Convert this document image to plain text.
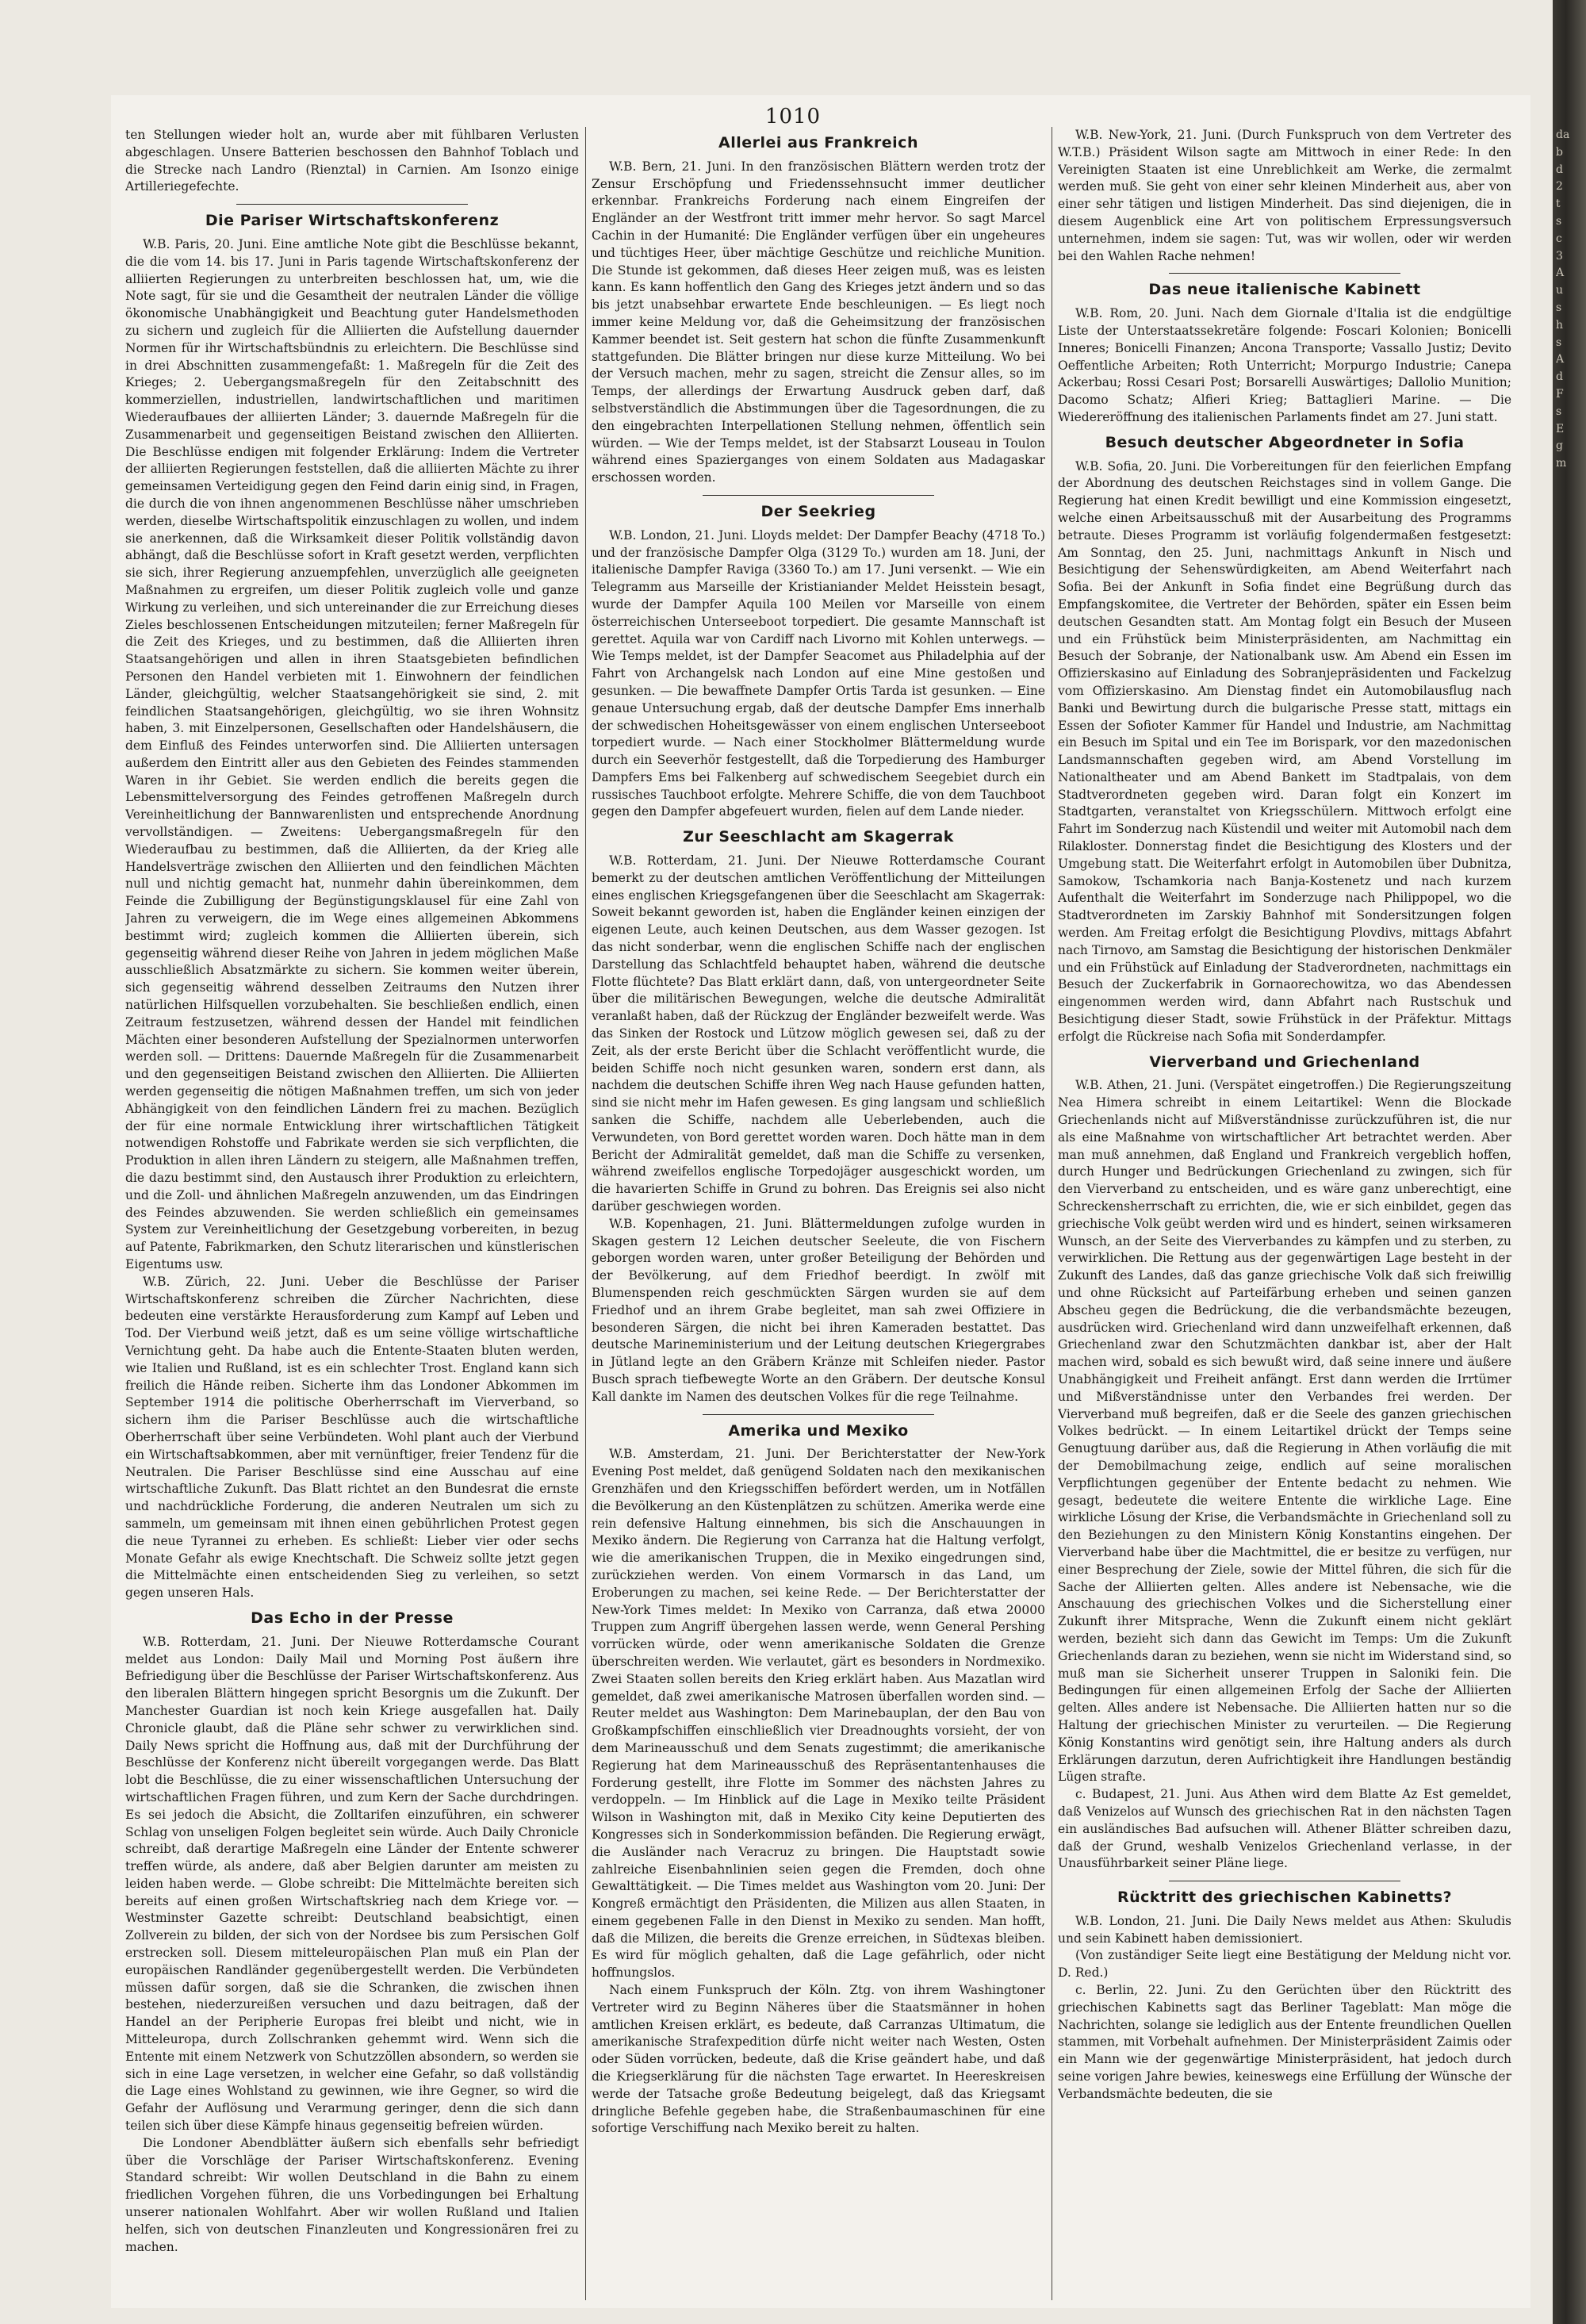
1010

ten Stellungen wieder holt an, wurde aber mit fühlbaren Verlusten abgeschlagen. Unsere Batterien beschossen den Bahnhof Toblach und die Strecke nach Landro (Rienztal) in Carnien. Am Isonzo einige Artilleriegefechte.

Die Pariser Wirtschaftskonferenz

W.B. Paris, 20. Juni. Eine amtliche Note gibt die Beschlüsse bekannt, die die vom 14. bis 17. Juni in Paris tagende Wirtschaftskonferenz der alliierten Regierungen zu unterbreiten beschlossen hat, um, wie die Note sagt, für sie und die Gesamtheit der neutralen Länder die völlige ökonomische Unabhängigkeit und Beachtung guter Handelsmethoden zu sichern und zugleich für die Alliierten die Aufstellung dauernder Normen für ihr Wirtschaftsbündnis zu erleichtern. Die Beschlüsse sind in drei Abschnitten zusammengefaßt: 1. Maßregeln für die Zeit des Krieges; 2. Uebergangsmaßregeln für den Zeitabschnitt des kommerziellen, industriellen, landwirtschaftlichen und maritimen Wiederaufbaues der alliierten Länder; 3. dauernde Maßregeln für die Zusammenarbeit und gegenseitigen Beistand zwischen den Alliierten. Die Beschlüsse endigen mit folgender Erklärung: Indem die Vertreter der alliierten Regierungen feststellen, daß die alliierten Mächte zu ihrer gemeinsamen Verteidigung gegen den Feind darin einig sind, in Fragen, die durch die von ihnen angenommenen Beschlüsse näher umschrieben werden, dieselbe Wirtschaftspolitik einzuschlagen zu wollen, und indem sie anerkennen, daß die Wirksamkeit dieser Politik vollständig davon abhängt, daß die Beschlüsse sofort in Kraft gesetzt werden, verpflichten sie sich, ihrer Regierung anzuempfehlen, unverzüglich alle geeigneten Maßnahmen zu ergreifen, um dieser Politik zugleich volle und ganze Wirkung zu verleihen, und sich untereinander die zur Erreichung dieses Zieles beschlossenen Entscheidungen mitzuteilen; ferner Maßregeln für die Zeit des Krieges, und zu bestimmen, daß die Alliierten ihren Staatsangehörigen und allen in ihren Staatsgebieten befindlichen Personen den Handel verbieten mit 1. Einwohnern der feindlichen Länder, gleichgültig, welcher Staatsangehörigkeit sie sind, 2. mit feindlichen Staatsangehörigen, gleichgültig, wo sie ihren Wohnsitz haben, 3. mit Einzelpersonen, Gesellschaften oder Handelshäusern, die dem Einfluß des Feindes unterworfen sind. Die Alliierten untersagen außerdem den Eintritt aller aus den Gebieten des Feindes stammenden Waren in ihr Gebiet. Sie werden endlich die bereits gegen die Lebensmittelversorgung des Feindes getroffenen Maßregeln durch Vereinheitlichung der Bannwarenlisten und entsprechende Anordnung vervollständigen. — Zweitens: Uebergangsmaßregeln für den Wiederaufbau zu bestimmen, daß die Alliierten, da der Krieg alle Handelsverträge zwischen den Alliierten und den feindlichen Mächten null und nichtig gemacht hat, nunmehr dahin übereinkommen, dem Feinde die Zubilligung der Begünstigungsklausel für eine Zahl von Jahren zu verweigern, die im Wege eines allgemeinen Abkommens bestimmt wird; zugleich kommen die Alliierten überein, sich gegenseitig während dieser Reihe von Jahren in jedem möglichen Maße ausschließlich Absatzmärkte zu sichern. Sie kommen weiter überein, sich gegenseitig während desselben Zeitraums den Nutzen ihrer natürlichen Hilfsquellen vorzubehalten. Sie beschließen endlich, einen Zeitraum festzusetzen, während dessen der Handel mit feindlichen Mächten einer besonderen Aufstellung der Spezialnormen unterworfen werden soll. — Drittens: Dauernde Maßregeln für die Zusammenarbeit und den gegenseitigen Beistand zwischen den Alliierten. Die Alliierten werden gegenseitig die nötigen Maßnahmen treffen, um sich von jeder Abhängigkeit von den feindlichen Ländern frei zu machen. Bezüglich der für eine normale Entwicklung ihrer wirtschaftlichen Tätigkeit notwendigen Rohstoffe und Fabrikate werden sie sich verpflichten, die Produktion in allen ihren Ländern zu steigern, alle Maßnahmen treffen, die dazu bestimmt sind, den Austausch ihrer Produktion zu erleichtern, und die Zoll- und ähnlichen Maßregeln anzuwenden, um das Eindringen des Feindes abzuwenden. Sie werden schließlich ein gemeinsames System zur Vereinheitlichung der Gesetzgebung vorbereiten, in bezug auf Patente, Fabrikmarken, den Schutz literarischen und künstlerischen Eigentums usw.

W.B. Zürich, 22. Juni. Ueber die Beschlüsse der Pariser Wirtschaftskonferenz schreiben die Zürcher Nachrichten, diese bedeuten eine verstärkte Herausforderung zum Kampf auf Leben und Tod. Der Vierbund weiß jetzt, daß es um seine völlige wirtschaftliche Vernichtung geht. Da habe auch die Entente-Staaten bluten werden, wie Italien und Rußland, ist es ein schlechter Trost. England kann sich freilich die Hände reiben. Sicherte ihm das Londoner Abkommen im September 1914 die politische Oberherrschaft im Vierverband, so sichern ihm die Pariser Beschlüsse auch die wirtschaftliche Oberherrschaft über seine Verbündeten. Wohl plant auch der Vierbund ein Wirtschaftsabkommen, aber mit vernünftiger, freier Tendenz für die Neutralen. Die Pariser Beschlüsse sind eine Ausschau auf eine wirtschaftliche Zukunft. Das Blatt richtet an den Bundesrat die ernste und nachdrückliche Forderung, die anderen Neutralen um sich zu sammeln, um gemeinsam mit ihnen einen gebührlichen Protest gegen die neue Tyrannei zu erheben. Es schließt: Lieber vier oder sechs Monate Gefahr als ewige Knechtschaft. Die Schweiz sollte jetzt gegen die Mittelmächte einen entscheidenden Sieg zu verleihen, so setzt gegen unseren Hals.

Das Echo in der Presse

W.B. Rotterdam, 21. Juni. Der Nieuwe Rotterdamsche Courant meldet aus London: Daily Mail und Morning Post äußern ihre Befriedigung über die Beschlüsse der Pariser Wirtschaftskonferenz. Aus den liberalen Blättern hingegen spricht Besorgnis um die Zukunft. Der Manchester Guardian ist noch kein Kriege ausgefallen hat. Daily Chronicle glaubt, daß die Pläne sehr schwer zu verwirklichen sind. Daily News spricht die Hoffnung aus, daß mit der Durchführung der Beschlüsse der Konferenz nicht übereilt vorgegangen werde. Das Blatt lobt die Beschlüsse, die zu einer wissenschaftlichen Untersuchung der wirtschaftlichen Fragen führen, und zum Kern der Sache durchdringen. Es sei jedoch die Absicht, die Zolltarifen einzuführen, ein schwerer Schlag von unseligen Folgen begleitet sein würde. Auch Daily Chronicle schreibt, daß derartige Maßregeln eine Länder der Entente schwerer treffen würde, als andere, daß aber Belgien darunter am meisten zu leiden haben werde. — Globe schreibt: Die Mittelmächte bereiten sich bereits auf einen großen Wirtschaftskrieg nach dem Kriege vor. — Westminster Gazette schreibt: Deutschland beabsichtigt, einen Zollverein zu bilden, der sich von der Nordsee bis zum Persischen Golf erstrecken soll. Diesem mitteleuropäischen Plan muß ein Plan der europäischen Randländer gegenübergestellt werden. Die Verbündeten müssen dafür sorgen, daß sie die Schranken, die zwischen ihnen bestehen, niederzureißen versuchen und dazu beitragen, daß der Handel an der Peripherie Europas frei bleibt und nicht, wie in Mitteleuropa, durch Zollschranken gehemmt wird. Wenn sich die Entente mit einem Netzwerk von Schutzzöllen absondern, so werden sie sich in eine Lage versetzen, in welcher eine Gefahr, so daß vollständig die Lage eines Wohlstand zu gewinnen, wie ihre Gegner, so wird die Gefahr der Auflösung und Verarmung geringer, denn die sich dann teilen sich über diese Kämpfe hinaus gegenseitig befreien würden.

Die Londoner Abendblätter äußern sich ebenfalls sehr befriedigt über die Vorschläge der Pariser Wirtschaftskonferenz. Evening Standard schreibt: Wir wollen Deutschland in die Bahn zu einem friedlichen Vorgehen führen, die uns Vorbedingungen bei Erhaltung unserer nationalen Wohlfahrt. Aber wir wollen Rußland und Italien helfen, sich von deutschen Finanzleuten und Kongressionären frei zu machen.

Allerlei aus Frankreich

W.B. Bern, 21. Juni. In den französischen Blättern werden trotz der Zensur Erschöpfung und Friedenssehnsucht immer deutlicher erkennbar. Frankreichs Forderung nach einem Eingreifen der Engländer an der Westfront tritt immer mehr hervor. So sagt Marcel Cachin in der Humanité: Die Engländer verfügen über ein ungeheures und tüchtiges Heer, über mächtige Geschütze und reichliche Munition. Die Stunde ist gekommen, daß dieses Heer zeigen muß, was es leisten kann. Es kann hoffentlich den Gang des Krieges jetzt ändern und so das bis jetzt unabsehbar erwartete Ende beschleunigen. — Es liegt noch immer keine Meldung vor, daß die Geheimsitzung der französischen Kammer beendet ist. Seit gestern hat schon die fünfte Zusammenkunft stattgefunden. Die Blätter bringen nur diese kurze Mitteilung. Wo bei der Versuch machen, mehr zu sagen, streicht die Zensur alles, so im Temps, der allerdings der Erwartung Ausdruck geben darf, daß selbstverständlich die Abstimmungen über die Tagesordnungen, die zu den eingebrachten Interpellationen Stellung nehmen, öffentlich sein würden. — Wie der Temps meldet, ist der Stabsarzt Louseau in Toulon während eines Spazierganges von einem Soldaten aus Madagaskar erschossen worden.

Der Seekrieg

W.B. London, 21. Juni. Lloyds meldet: Der Dampfer Beachy (4718 To.) und der französische Dampfer Olga (3129 To.) wurden am 18. Juni, der italienische Dampfer Raviga (3360 To.) am 17. Juni versenkt. — Wie ein Telegramm aus Marseille der Kristianiander Meldet Heisstein besagt, wurde der Dampfer Aquila 100 Meilen vor Marseille von einem österreichischen Unterseeboot torpediert. Die gesamte Mannschaft ist gerettet. Aquila war von Cardiff nach Livorno mit Kohlen unterwegs. — Wie Temps meldet, ist der Dampfer Seacomet aus Philadelphia auf der Fahrt von Archangelsk nach London auf eine Mine gestoßen und gesunken. — Die bewaffnete Dampfer Ortis Tarda ist gesunken. — Eine genaue Untersuchung ergab, daß der deutsche Dampfer Ems innerhalb der schwedischen Hoheitsgewässer von einem englischen Unterseeboot torpediert wurde. — Nach einer Stockholmer Blättermeldung wurde durch ein Seeverhör festgestellt, daß die Torpedierung des Hamburger Dampfers Ems bei Falkenberg auf schwedischem Seegebiet durch ein russisches Tauchboot erfolgte. Mehrere Schiffe, die von dem Tauchboot gegen den Dampfer abgefeuert wurden, fielen auf dem Lande nieder.

Zur Seeschlacht am Skagerrak

W.B. Rotterdam, 21. Juni. Der Nieuwe Rotterdamsche Courant bemerkt zu der deutschen amtlichen Veröffentlichung der Mitteilungen eines englischen Kriegsgefangenen über die Seeschlacht am Skagerrak: Soweit bekannt geworden ist, haben die Engländer keinen einzigen der eigenen Leute, auch keinen Deutschen, aus dem Wasser gezogen. Ist das nicht sonderbar, wenn die englischen Schiffe nach der englischen Darstellung das Schlachtfeld behauptet haben, während die deutsche Flotte flüchtete? Das Blatt erklärt dann, daß, von untergeordneter Seite über die militärischen Bewegungen, welche die deutsche Admiralität veranlaßt haben, daß der Rückzug der Engländer bezweifelt werde. Was das Sinken der Rostock und Lützow möglich gewesen sei, daß zu der Zeit, als der erste Bericht über die Schlacht veröffentlicht wurde, die beiden Schiffe noch nicht gesunken waren, sondern erst dann, als nachdem die deutschen Schiffe ihren Weg nach Hause gefunden hatten, sind sie nicht mehr im Hafen gewesen. Es ging langsam und schließlich sanken die Schiffe, nachdem alle Ueberlebenden, auch die Verwundeten, von Bord gerettet worden waren. Doch hätte man in dem Bericht der Admiralität gemeldet, daß man die Schiffe zu versenken, während zweifellos englische Torpedojäger ausgeschickt worden, um die havarierten Schiffe in Grund zu bohren. Das Ereignis sei also nicht darüber geschwiegen worden.

W.B. Kopenhagen, 21. Juni. Blättermeldungen zufolge wurden in Skagen gestern 12 Leichen deutscher Seeleute, die von Fischern geborgen worden waren, unter großer Beteiligung der Behörden und der Bevölkerung, auf dem Friedhof beerdigt. In zwölf mit Blumenspenden reich geschmückten Särgen wurden sie auf dem Friedhof und an ihrem Grabe begleitet, man sah zwei Offiziere in besonderen Särgen, die nicht bei ihren Kameraden bestattet. Das deutsche Marineministerium und der Leitung deutschen Kriegergrabes in Jütland legte an den Gräbern Kränze mit Schleifen nieder. Pastor Busch sprach tiefbewegte Worte an den Gräbern. Der deutsche Konsul Kall dankte im Namen des deutschen Volkes für die rege Teilnahme.

Amerika und Mexiko

W.B. Amsterdam, 21. Juni. Der Berichterstatter der New-York Evening Post meldet, daß genügend Soldaten nach den mexikanischen Grenzhäfen und den Kriegsschiffen befördert werden, um in Notfällen die Bevölkerung an den Küstenplätzen zu schützen. Amerika werde eine rein defensive Haltung einnehmen, bis sich die Anschauungen in Mexiko ändern. Die Regierung von Carranza hat die Haltung verfolgt, wie die amerikanischen Truppen, die in Mexiko eingedrungen sind, zurückziehen werden. Von einem Vormarsch in das Land, um Eroberungen zu machen, sei keine Rede. — Der Berichterstatter der New-York Times meldet: In Mexiko von Carranza, daß etwa 20000 Truppen zum Angriff übergehen lassen werde, wenn General Pershing vorrücken würde, oder wenn amerikanische Soldaten die Grenze überschreiten werden. Wie verlautet, gärt es besonders in Nordmexiko. Zwei Staaten sollen bereits den Krieg erklärt haben. Aus Mazatlan wird gemeldet, daß zwei amerikanische Matrosen überfallen worden sind. — Reuter meldet aus Washington: Dem Marinebauplan, der den Bau von Großkampfschiffen einschließlich vier Dreadnoughts vorsieht, der von dem Marineausschuß und dem Senats zugestimmt; die amerikanische Regierung hat dem Marineausschuß des Repräsentantenhauses die Forderung gestellt, ihre Flotte im Sommer des nächsten Jahres zu verdoppeln. — Im Hinblick auf die Lage in Mexiko teilte Präsident Wilson in Washington mit, daß in Mexiko City keine Deputierten des Kongresses sich in Sonderkommission befänden. Die Regierung erwägt, die Ausländer nach Veracruz zu bringen. Die Hauptstadt sowie zahlreiche Eisenbahnlinien seien gegen die Fremden, doch ohne Gewalttätigkeit. — Die Times meldet aus Washington vom 20. Juni: Der Kongreß ermächtigt den Präsidenten, die Milizen aus allen Staaten, in einem gegebenen Falle in den Dienst in Mexiko zu senden. Man hofft, daß die Milizen, die bereits die Grenze erreichen, in Südtexas bleiben. Es wird für möglich gehalten, daß die Lage gefährlich, oder nicht hoffnungslos.

Nach einem Funkspruch der Köln. Ztg. von ihrem Washingtoner Vertreter wird zu Beginn Näheres über die Staatsmänner in hohen amtlichen Kreisen erklärt, es bedeute, daß Carranzas Ultimatum, die amerikanische Strafexpedition dürfe nicht weiter nach Westen, Osten oder Süden vorrücken, bedeute, daß die Krise geändert habe, und daß die Kriegserklärung für die nächsten Tage erwartet. In Heereskreisen werde der Tatsache große Bedeutung beigelegt, daß das Kriegsamt dringliche Befehle gegeben habe, die Straßenbaumaschinen für eine sofortige Verschiffung nach Mexiko bereit zu halten.

W.B. New-York, 21. Juni. (Durch Funkspruch von dem Vertreter des W.T.B.) Präsident Wilson sagte am Mittwoch in einer Rede: In den Vereinigten Staaten ist eine Unreblichkeit am Werke, die zermalmt werden muß. Sie geht von einer sehr kleinen Minderheit aus, aber von einer sehr tätigen und listigen Minderheit. Das sind diejenigen, die in diesem Augenblick eine Art von politischem Erpressungsversuch unternehmen, indem sie sagen: Tut, was wir wollen, oder wir werden bei den Wahlen Rache nehmen!

Das neue italienische Kabinett

W.B. Rom, 20. Juni. Nach dem Giornale d'Italia ist die endgültige Liste der Unterstaatssekretäre folgende: Foscari Kolonien; Bonicelli Inneres; Bonicelli Finanzen; Ancona Transporte; Vassallo Justiz; Devito Oeffentliche Arbeiten; Roth Unterricht; Morpurgo Industrie; Canepa Ackerbau; Rossi Cesari Post; Borsarelli Auswärtiges; Dallolio Munition; Dacomo Schatz; Alfieri Krieg; Battaglieri Marine. — Die Wiedereröffnung des italienischen Parlaments findet am 27. Juni statt.

Besuch deutscher Abgeordneter in Sofia

W.B. Sofia, 20. Juni. Die Vorbereitungen für den feierlichen Empfang der Abordnung des deutschen Reichstages sind in vollem Gange. Die Regierung hat einen Kredit bewilligt und eine Kommission eingesetzt, welche einen Arbeitsausschuß mit der Ausarbeitung des Programms betraute. Dieses Programm ist vorläufig folgendermaßen festgesetzt: Am Sonntag, den 25. Juni, nachmittags Ankunft in Nisch und Besichtigung der Sehenswürdigkeiten, am Abend Weiterfahrt nach Sofia. Bei der Ankunft in Sofia findet eine Begrüßung durch das Empfangskomitee, die Vertreter der Behörden, später ein Essen beim deutschen Gesandten statt. Am Montag folgt ein Besuch der Museen und ein Frühstück beim Ministerpräsidenten, am Nachmittag ein Besuch der Sobranje, der Nationalbank usw. Am Abend ein Essen im Offizierskasino auf Einladung des Sobranjepräsidenten und Fackelzug vom Offizierskasino. Am Dienstag findet ein Automobilausflug nach Banki und Bewirtung durch die bulgarische Presse statt, mittags ein Essen der Sofioter Kammer für Handel und Industrie, am Nachmittag ein Besuch im Spital und ein Tee im Borispark, vor den mazedonischen Landsmannschaften gegeben wird, am Abend Vorstellung im Nationaltheater und am Abend Bankett im Stadtpalais, von dem Stadtverordneten gegeben wird. Daran folgt ein Konzert im Stadtgarten, veranstaltet von Kriegsschülern. Mittwoch erfolgt eine Fahrt im Sonderzug nach Küstendil und weiter mit Automobil nach dem Rilakloster. Donnerstag findet die Besichtigung des Klosters und der Umgebung statt. Die Weiterfahrt erfolgt in Automobilen über Dubnitza, Samokow, Tschamkoria nach Banja-Kostenetz und nach kurzem Aufenthalt die Weiterfahrt im Sonderzuge nach Philippopel, wo die Stadtverordneten im Zarskiy Bahnhof mit Sondersitzungen folgen werden. Am Freitag erfolgt die Besichtigung Plovdivs, mittags Abfahrt nach Tirnovo, am Samstag die Besichtigung der historischen Denkmäler und ein Frühstück auf Einladung der Stadverordneten, nachmittags ein Besuch der Zuckerfabrik in Gornaorechowitza, wo das Abendessen eingenommen werden wird, dann Abfahrt nach Rustschuk und Besichtigung dieser Stadt, sowie Frühstück in der Präfektur. Mittags erfolgt die Rückreise nach Sofia mit Sonderdampfer.

Vierverband und Griechenland

W.B. Athen, 21. Juni. (Verspätet eingetroffen.) Die Regierungszeitung Nea Himera schreibt in einem Leitartikel: Wenn die Blockade Griechenlands nicht auf Mißverständnisse zurückzuführen ist, die nur als eine Maßnahme von wirtschaftlicher Art betrachtet werden. Aber man muß annehmen, daß England und Frankreich vergeblich hoffen, durch Hunger und Bedrückungen Griechenland zu zwingen, sich für den Vierverband zu entscheiden, und es wäre ganz unberechtigt, eine Schreckensherrschaft zu errichten, die, wie er sich einbildet, gegen das griechische Volk geübt werden wird und es hindert, seinen wirksameren Wunsch, an der Seite des Vierverbandes zu kämpfen und zu sterben, zu verwirklichen. Die Rettung aus der gegenwärtigen Lage besteht in der Zukunft des Landes, daß das ganze griechische Volk daß sich freiwillig und ohne Rücksicht auf Parteifärbung erheben und seinen ganzen Abscheu gegen die Bedrückung, die die verbandsmächte bezeugen, ausdrücken wird. Griechenland wird dann unzweifelhaft erkennen, daß Griechenland zwar den Schutzmächten dankbar ist, aber der Halt machen wird, sobald es sich bewußt wird, daß seine innere und äußere Unabhängigkeit und Freiheit anfängt. Erst dann werden die Irrtümer und Mißverständnisse unter den Verbandes frei werden. Der Vierverband muß begreifen, daß er die Seele des ganzen griechischen Volkes bedrückt. — In einem Leitartikel drückt der Temps seine Genugtuung darüber aus, daß die Regierung in Athen vorläufig die mit der Demobilmachung zeige, endlich auf seine moralischen Verpflichtungen gegenüber der Entente bedacht zu nehmen. Wie gesagt, bedeutete die weitere Entente die wirkliche Lage. Eine wirkliche Lösung der Krise, die Verbandsmächte in Griechenland soll zu den Beziehungen zu den Ministern König Konstantins eingehen. Der Vierverband habe über die Machtmittel, die er besitze zu verfügen, nur einer Besprechung der Ziele, sowie der Mittel führen, die sich für die Sache der Alliierten gelten. Alles andere ist Nebensache, wie die Anschauung des griechischen Volkes und die Sicherstellung einer Zukunft ihrer Mitsprache, Wenn die Zukunft einem nicht geklärt werden, bezieht sich dann das Gewicht im Temps: Um die Zukunft Griechenlands daran zu beziehen, wenn sie nicht im Widerstand sind, so muß man sie Sicherheit unserer Truppen in Saloniki fein. Die Bedingungen für einen allgemeinen Erfolg der Sache der Alliierten gelten. Alles andere ist Nebensache. Die Alliierten hatten nur so die Haltung der griechischen Minister zu verurteilen. — Die Regierung König Konstantins wird genötigt sein, ihre Haltung anders als durch Erklärungen darzutun, deren Aufrichtigkeit ihre Handlungen beständig Lügen strafte.

c. Budapest, 21. Juni. Aus Athen wird dem Blatte Az Est gemeldet, daß Venizelos auf Wunsch des griechischen Rat in den nächsten Tagen ein ausländisches Bad aufsuchen will. Athener Blätter schreiben dazu, daß der Grund, weshalb Venizelos Griechenland verlasse, in der Unausführbarkeit seiner Pläne liege.

Rücktritt des griechischen Kabinetts?

W.B. London, 21. Juni. Die Daily News meldet aus Athen: Skuludis und sein Kabinett haben demissioniert.

(Von zuständiger Seite liegt eine Bestätigung der Meldung nicht vor. D. Red.)

c. Berlin, 22. Juni. Zu den Gerüchten über den Rücktritt des griechischen Kabinetts sagt das Berliner Tageblatt: Man möge die Nachrichten, solange sie lediglich aus der Entente freundlichen Quellen stammen, mit Vorbehalt aufnehmen. Der Ministerpräsident Zaimis oder ein Mann wie der gegenwärtige Ministerpräsident, hat jedoch durch seine vorigen Jahre bewies, keineswegs eine Erfüllung der Wünsche der Verbandsmächte bedeuten, die sie

da
b
d
2
t
s
c
3
A
u
s
h
s
A
d
F
s
E
g
m
